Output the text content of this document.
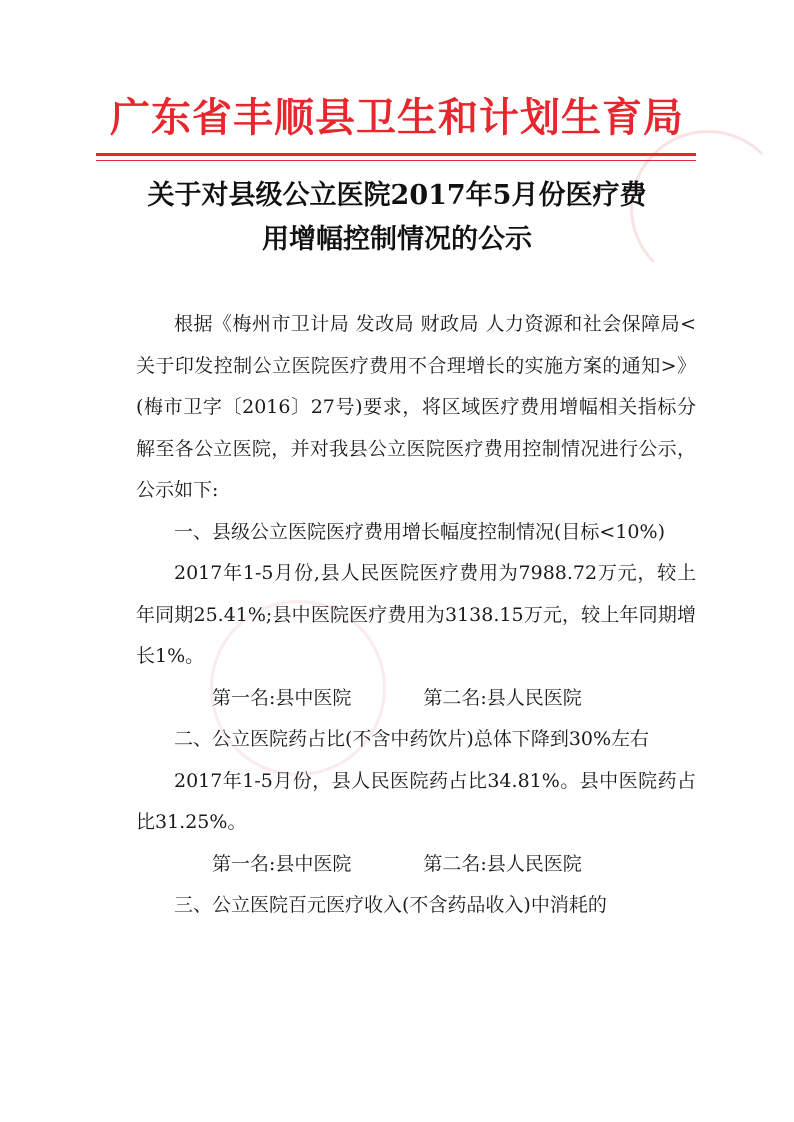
广东省丰顺县卫生和计划生育局
关于对县级公立医院2017年5月份医疗费
用增幅控制情况的公示

根据《梅州市卫计局 发改局 财政局 人力资源和社会保障局<关于印发控制公立医院医疗费用不合理增长的实施方案的通知>》(梅市卫字〔2016〕27号)要求，将区域医疗费用增幅相关指标分解至各公立医院，并对我县公立医院医疗费用控制情况进行公示，公示如下:

一、县级公立医院医疗费用增长幅度控制情况(目标<10%)

2017年1-5月份,县人民医院医疗费用为7988.72万元，较上年同期25.41%;县中医院医疗费用为3138.15万元，较上年同期增长1%。

第一名:县中医院	第二名:县人民医院

二、公立医院药占比(不含中药饮片)总体下降到30%左右

2017年1-5月份，县人民医院药占比34.81%。县中医院药占比31.25%。

第一名:县中医院	第二名:县人民医院

三、公立医院百元医疗收入(不含药品收入)中消耗的
